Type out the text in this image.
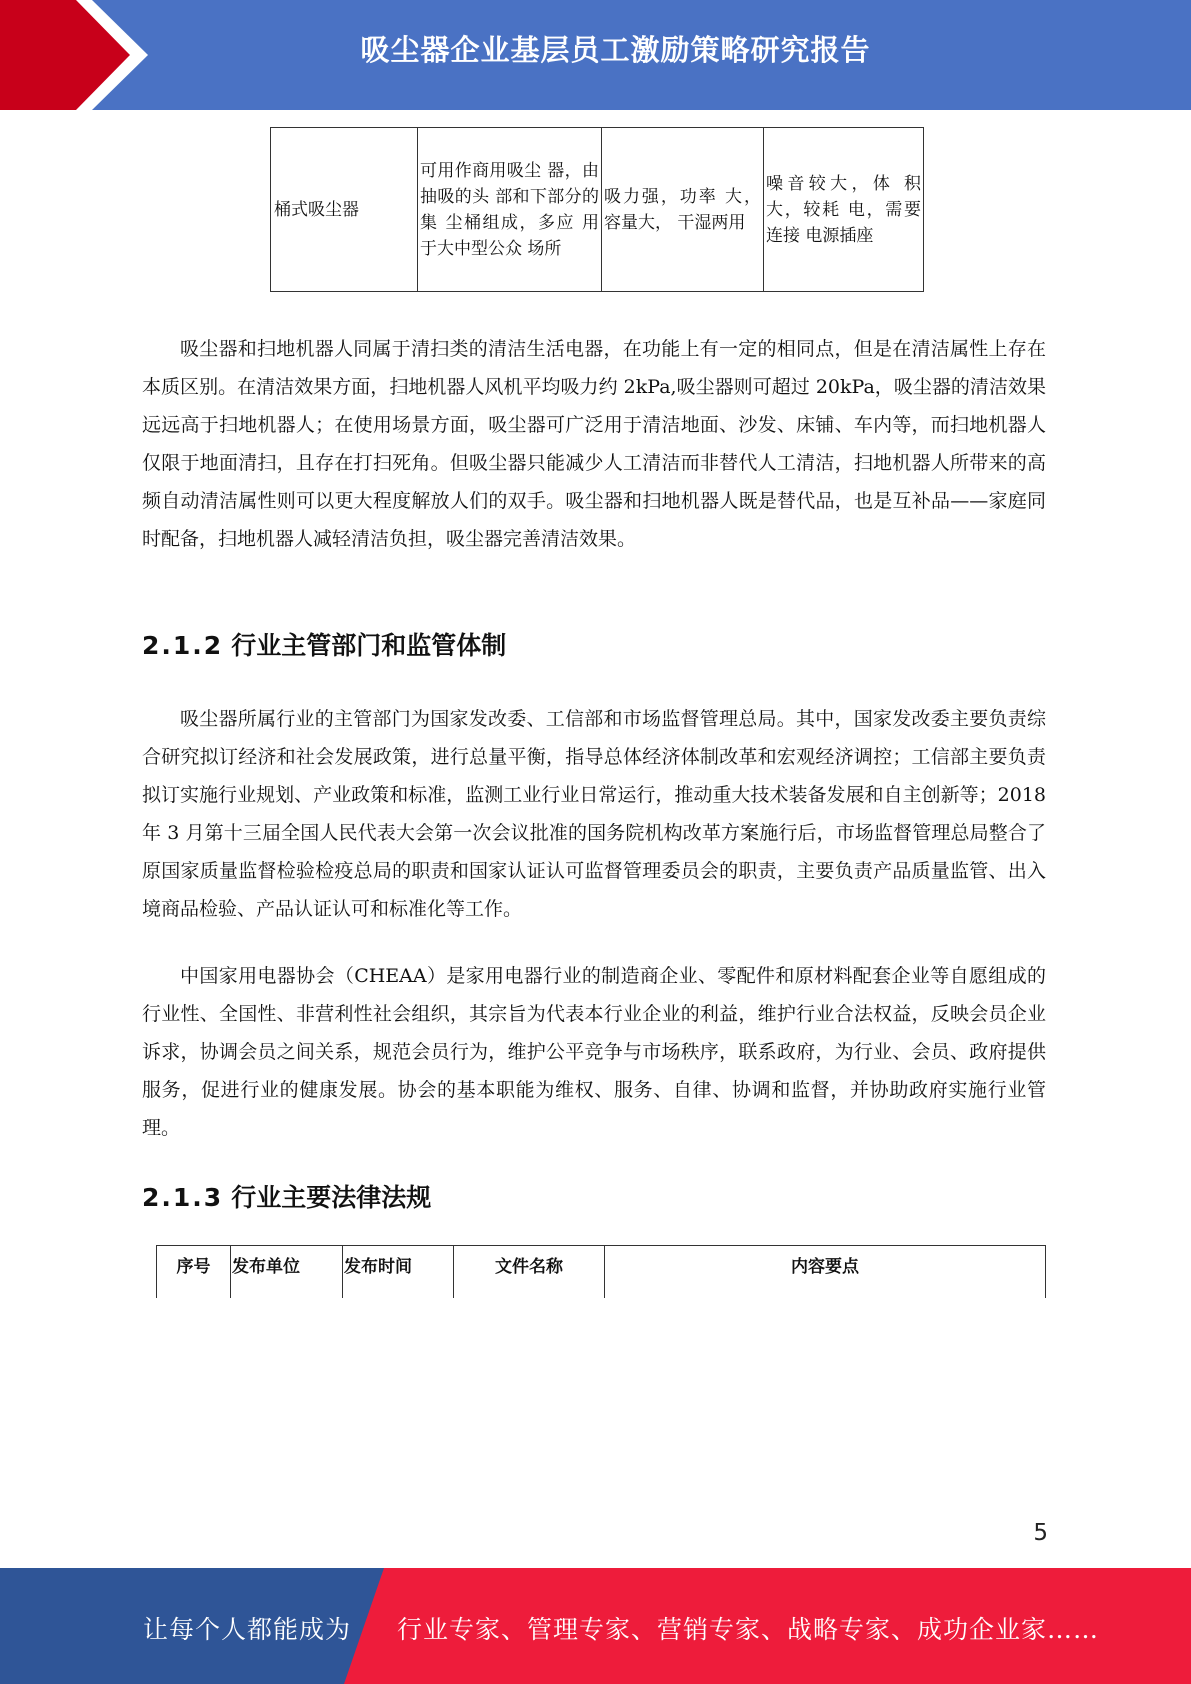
吸尘器企业基层员工激励策略研究报告
桶式吸尘器	可用作商用吸尘 器，由抽吸的头 部和下部分的集 尘桶组成，多应 用于大中型公众 场所	吸力强，功率 大，容量大， 干湿两用	噪音较大，体 积大，较耗 电，需要连接 电源插座

吸尘器和扫地机器人同属于清扫类的清洁生活电器，在功能上有一定的相同点，但是在清洁属性上存在本质区别。在清洁效果方面，扫地机器人风机平均吸力约 2kPa,吸尘器则可超过 20kPa，吸尘器的清洁效果远远高于扫地机器人；在使用场景方面，吸尘器可广泛用于清洁地面、沙发、床铺、车内等，而扫地机器人仅限于地面清扫，且存在打扫死角。但吸尘器只能减少人工清洁而非替代人工清洁，扫地机器人所带来的高频自动清洁属性则可以更大程度解放人们的双手。吸尘器和扫地机器人既是替代品，也是互补品——家庭同时配备，扫地机器人减轻清洁负担，吸尘器完善清洁效果。

2.1.2 行业主管部门和监管体制

吸尘器所属行业的主管部门为国家发改委、工信部和市场监督管理总局。其中，国家发改委主要负责综合研究拟订经济和社会发展政策，进行总量平衡，指导总体经济体制改革和宏观经济调控；工信部主要负责拟订实施行业规划、产业政策和标准，监测工业行业日常运行，推动重大技术装备发展和自主创新等；2018 年 3 月第十三届全国人民代表大会第一次会议批准的国务院机构改革方案施行后，市场监督管理总局整合了原国家质量监督检验检疫总局的职责和国家认证认可监督管理委员会的职责，主要负责产品质量监管、出入境商品检验、产品认证认可和标准化等工作。

中国家用电器协会（CHEAA）是家用电器行业的制造商企业、零配件和原材料配套企业等自愿组成的行业性、全国性、非营利性社会组织，其宗旨为代表本行业企业的利益，维护行业合法权益，反映会员企业诉求，协调会员之间关系，规范会员行为，维护公平竞争与市场秩序，联系政府，为行业、会员、政府提供服务，促进行业的健康发展。协会的基本职能为维权、服务、自律、协调和监督，并协助政府实施行业管理。

2.1.3 行业主要法律法规
序号	发布单位	发布时间	文件名称	内容要点
5
让每个人都能成为 行业专家、管理专家、营销专家、战略专家、成功企业家……
